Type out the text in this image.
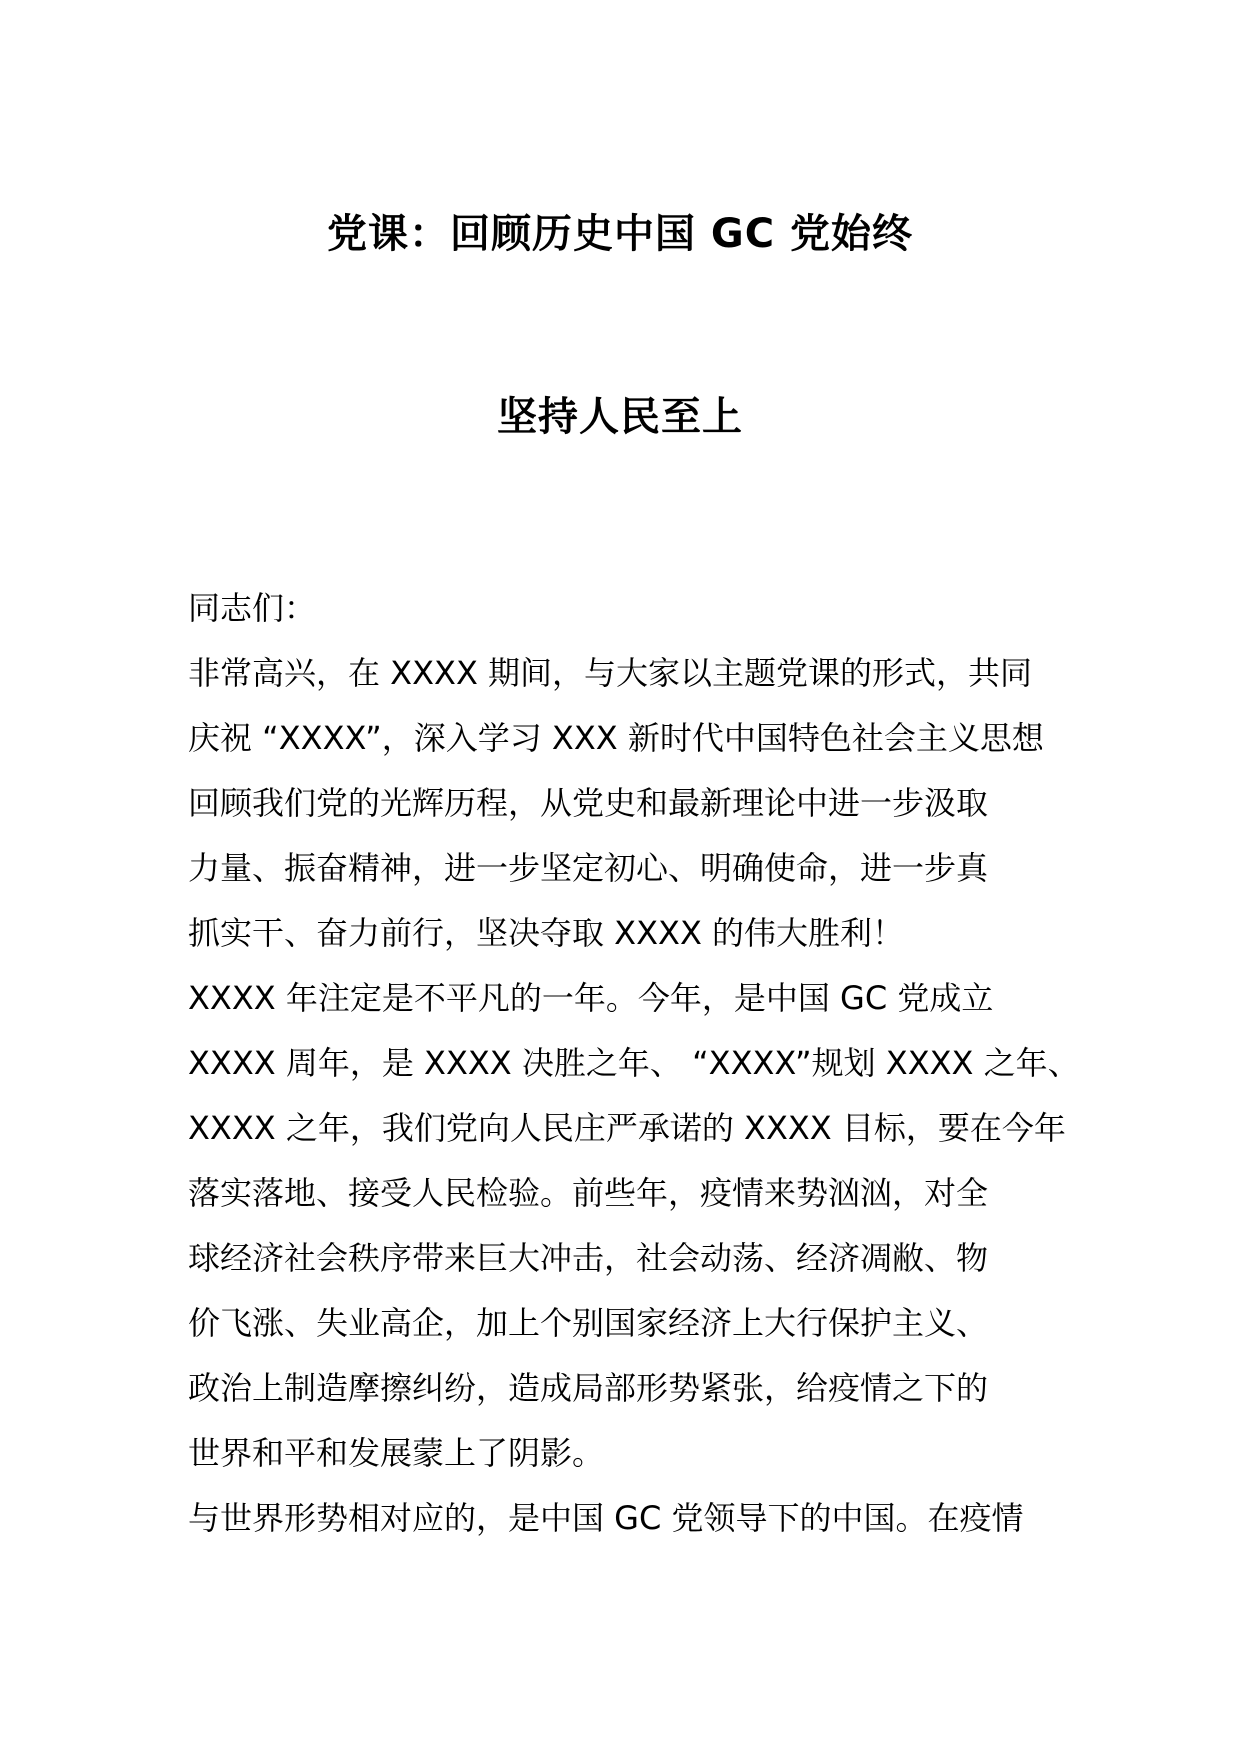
党课：回顾历史中国 GC 党始终
坚持人民至上
同志们：
非常高兴，在 XXXX 期间，与大家以主题党课的形式，共同
庆祝 “XXXX”，深入学习 XXX 新时代中国特色社会主义思想
回顾我们党的光辉历程，从党史和最新理论中进一步汲取
力量、振奋精神，进一步坚定初心、明确使命，进一步真
抓实干、奋力前行，坚决夺取 XXXX 的伟大胜利！
XXXX 年注定是不平凡的一年。今年，是中国 GC 党成立
XXXX 周年，是 XXXX 决胜之年、 “XXXX”规划 XXXX 之年、
XXXX 之年，我们党向人民庄严承诺的 XXXX 目标，要在今年
落实落地、接受人民检验。前些年，疫情来势汹汹，对全
球经济社会秩序带来巨大冲击，社会动荡、经济凋敝、物
价飞涨、失业高企，加上个别国家经济上大行保护主义、
政治上制造摩擦纠纷，造成局部形势紧张，给疫情之下的
世界和平和发展蒙上了阴影。
与世界形势相对应的，是中国 GC 党领导下的中国。在疫情
